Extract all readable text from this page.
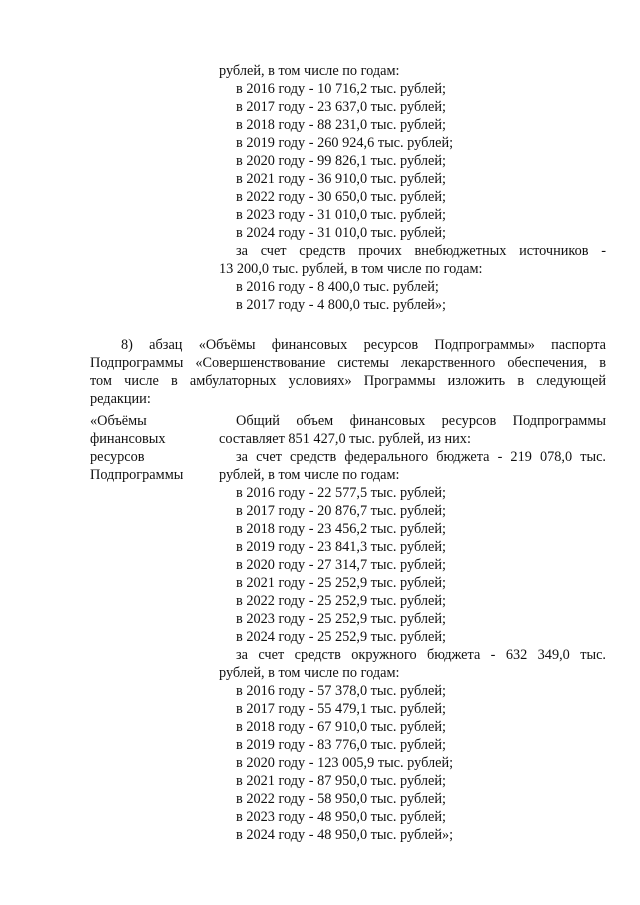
рублей, в том числе по годам:
в 2016 году - 10 716,2 тыс. рублей;
в 2017 году - 23 637,0 тыс. рублей;
в 2018 году - 88 231,0 тыс. рублей;
в 2019 году - 260 924,6 тыс. рублей;
в 2020 году - 99 826,1 тыс. рублей;
в 2021 году - 36 910,0 тыс. рублей;
в 2022 году - 30 650,0 тыс. рублей;
в 2023 году - 31 010,0 тыс. рублей;
в 2024 году - 31 010,0 тыс. рублей;
за счет средств прочих внебюджетных источников -
13 200,0 тыс. рублей, в том числе по годам:
в 2016 году - 8 400,0 тыс. рублей;
в 2017 году - 4 800,0 тыс. рублей»;
8) абзац «Объёмы финансовых ресурсов Подпрограммы» паспорта
Подпрограммы «Совершенствование системы лекарственного обеспечения, в
том числе в амбулаторных условиях» Программы изложить в следующей
редакции:
«Объёмы
финансовых
ресурсов
Подпрограммы
Общий объем финансовых ресурсов Подпрограммы
составляет 851 427,0 тыс. рублей, из них:
за счет средств федерального бюджета - 219 078,0 тыс.
рублей, в том числе по годам:
в 2016 году - 22 577,5 тыс. рублей;
в 2017 году - 20 876,7 тыс. рублей;
в 2018 году - 23 456,2 тыс. рублей;
в 2019 году - 23 841,3 тыс. рублей;
в 2020 году - 27 314,7 тыс. рублей;
в 2021 году - 25 252,9 тыс. рублей;
в 2022 году - 25 252,9 тыс. рублей;
в 2023 году - 25 252,9 тыс. рублей;
в 2024 году - 25 252,9 тыс. рублей;
за счет средств окружного бюджета - 632 349,0 тыс.
рублей, в том числе по годам:
в 2016 году - 57 378,0 тыс. рублей;
в 2017 году - 55 479,1 тыс. рублей;
в 2018 году - 67 910,0 тыс. рублей;
в 2019 году - 83 776,0 тыс. рублей;
в 2020 году - 123 005,9 тыс. рублей;
в 2021 году - 87 950,0 тыс. рублей;
в 2022 году - 58 950,0 тыс. рублей;
в 2023 году - 48 950,0 тыс. рублей;
в 2024 году - 48 950,0 тыс. рублей»;
